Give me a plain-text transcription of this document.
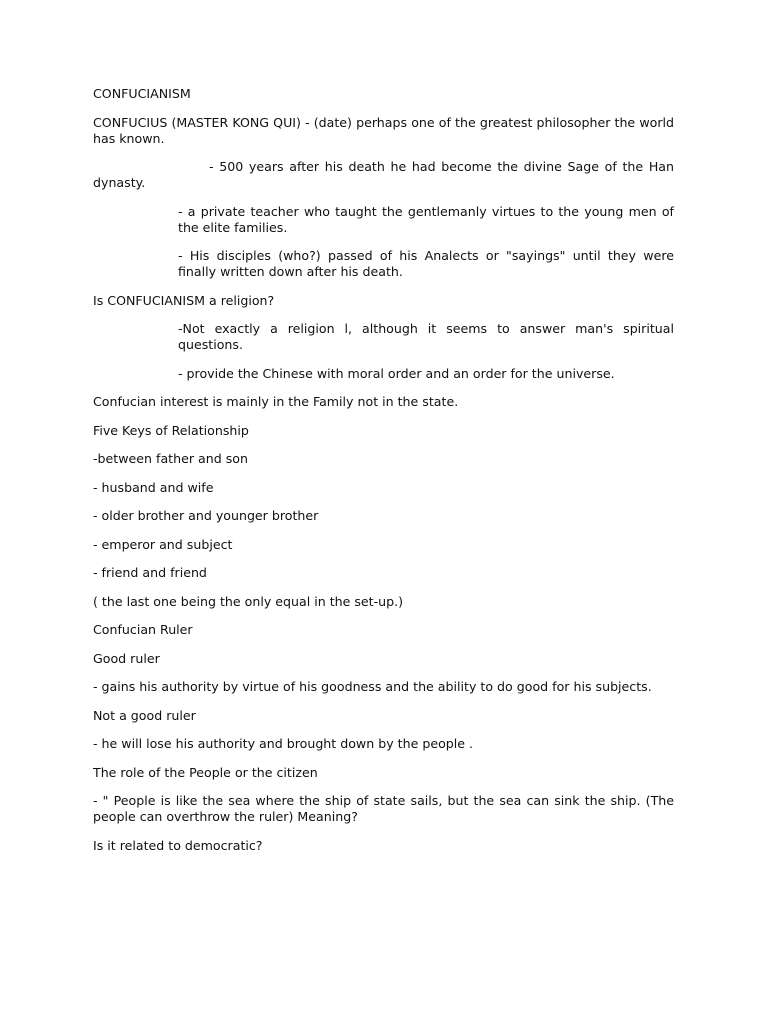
CONFUCIANISM

CONFUCIUS (MASTER KONG QUI) - (date) perhaps one of the greatest philosopher the world has known.

- 500 years after his death he had become the divine Sage of the Han dynasty.

- a private teacher who taught the gentlemanly virtues to the young men of the elite families.

- His disciples (who?) passed of his Analects or "sayings" until they were finally written down after his death.

Is CONFUCIANISM a religion?

-Not exactly a religion l, although it seems to answer man's spiritual questions.

- provide the Chinese with moral order and an order for the universe.

Confucian interest is mainly in the Family not in the state.

Five Keys of Relationship

-between father and son

- husband and wife

- older brother and younger brother

- emperor and subject

- friend and friend

( the last one being the only equal in the set-up.)

Confucian Ruler

Good ruler

- gains his authority by virtue of his goodness and the ability to do good for his subjects.

Not a good ruler

- he will lose his authority and brought down by the people .

The role of the People or the citizen

- " People is like the sea where the ship of state sails, but the sea can sink the ship. (The people can overthrow the ruler) Meaning?

Is it related to democratic?
